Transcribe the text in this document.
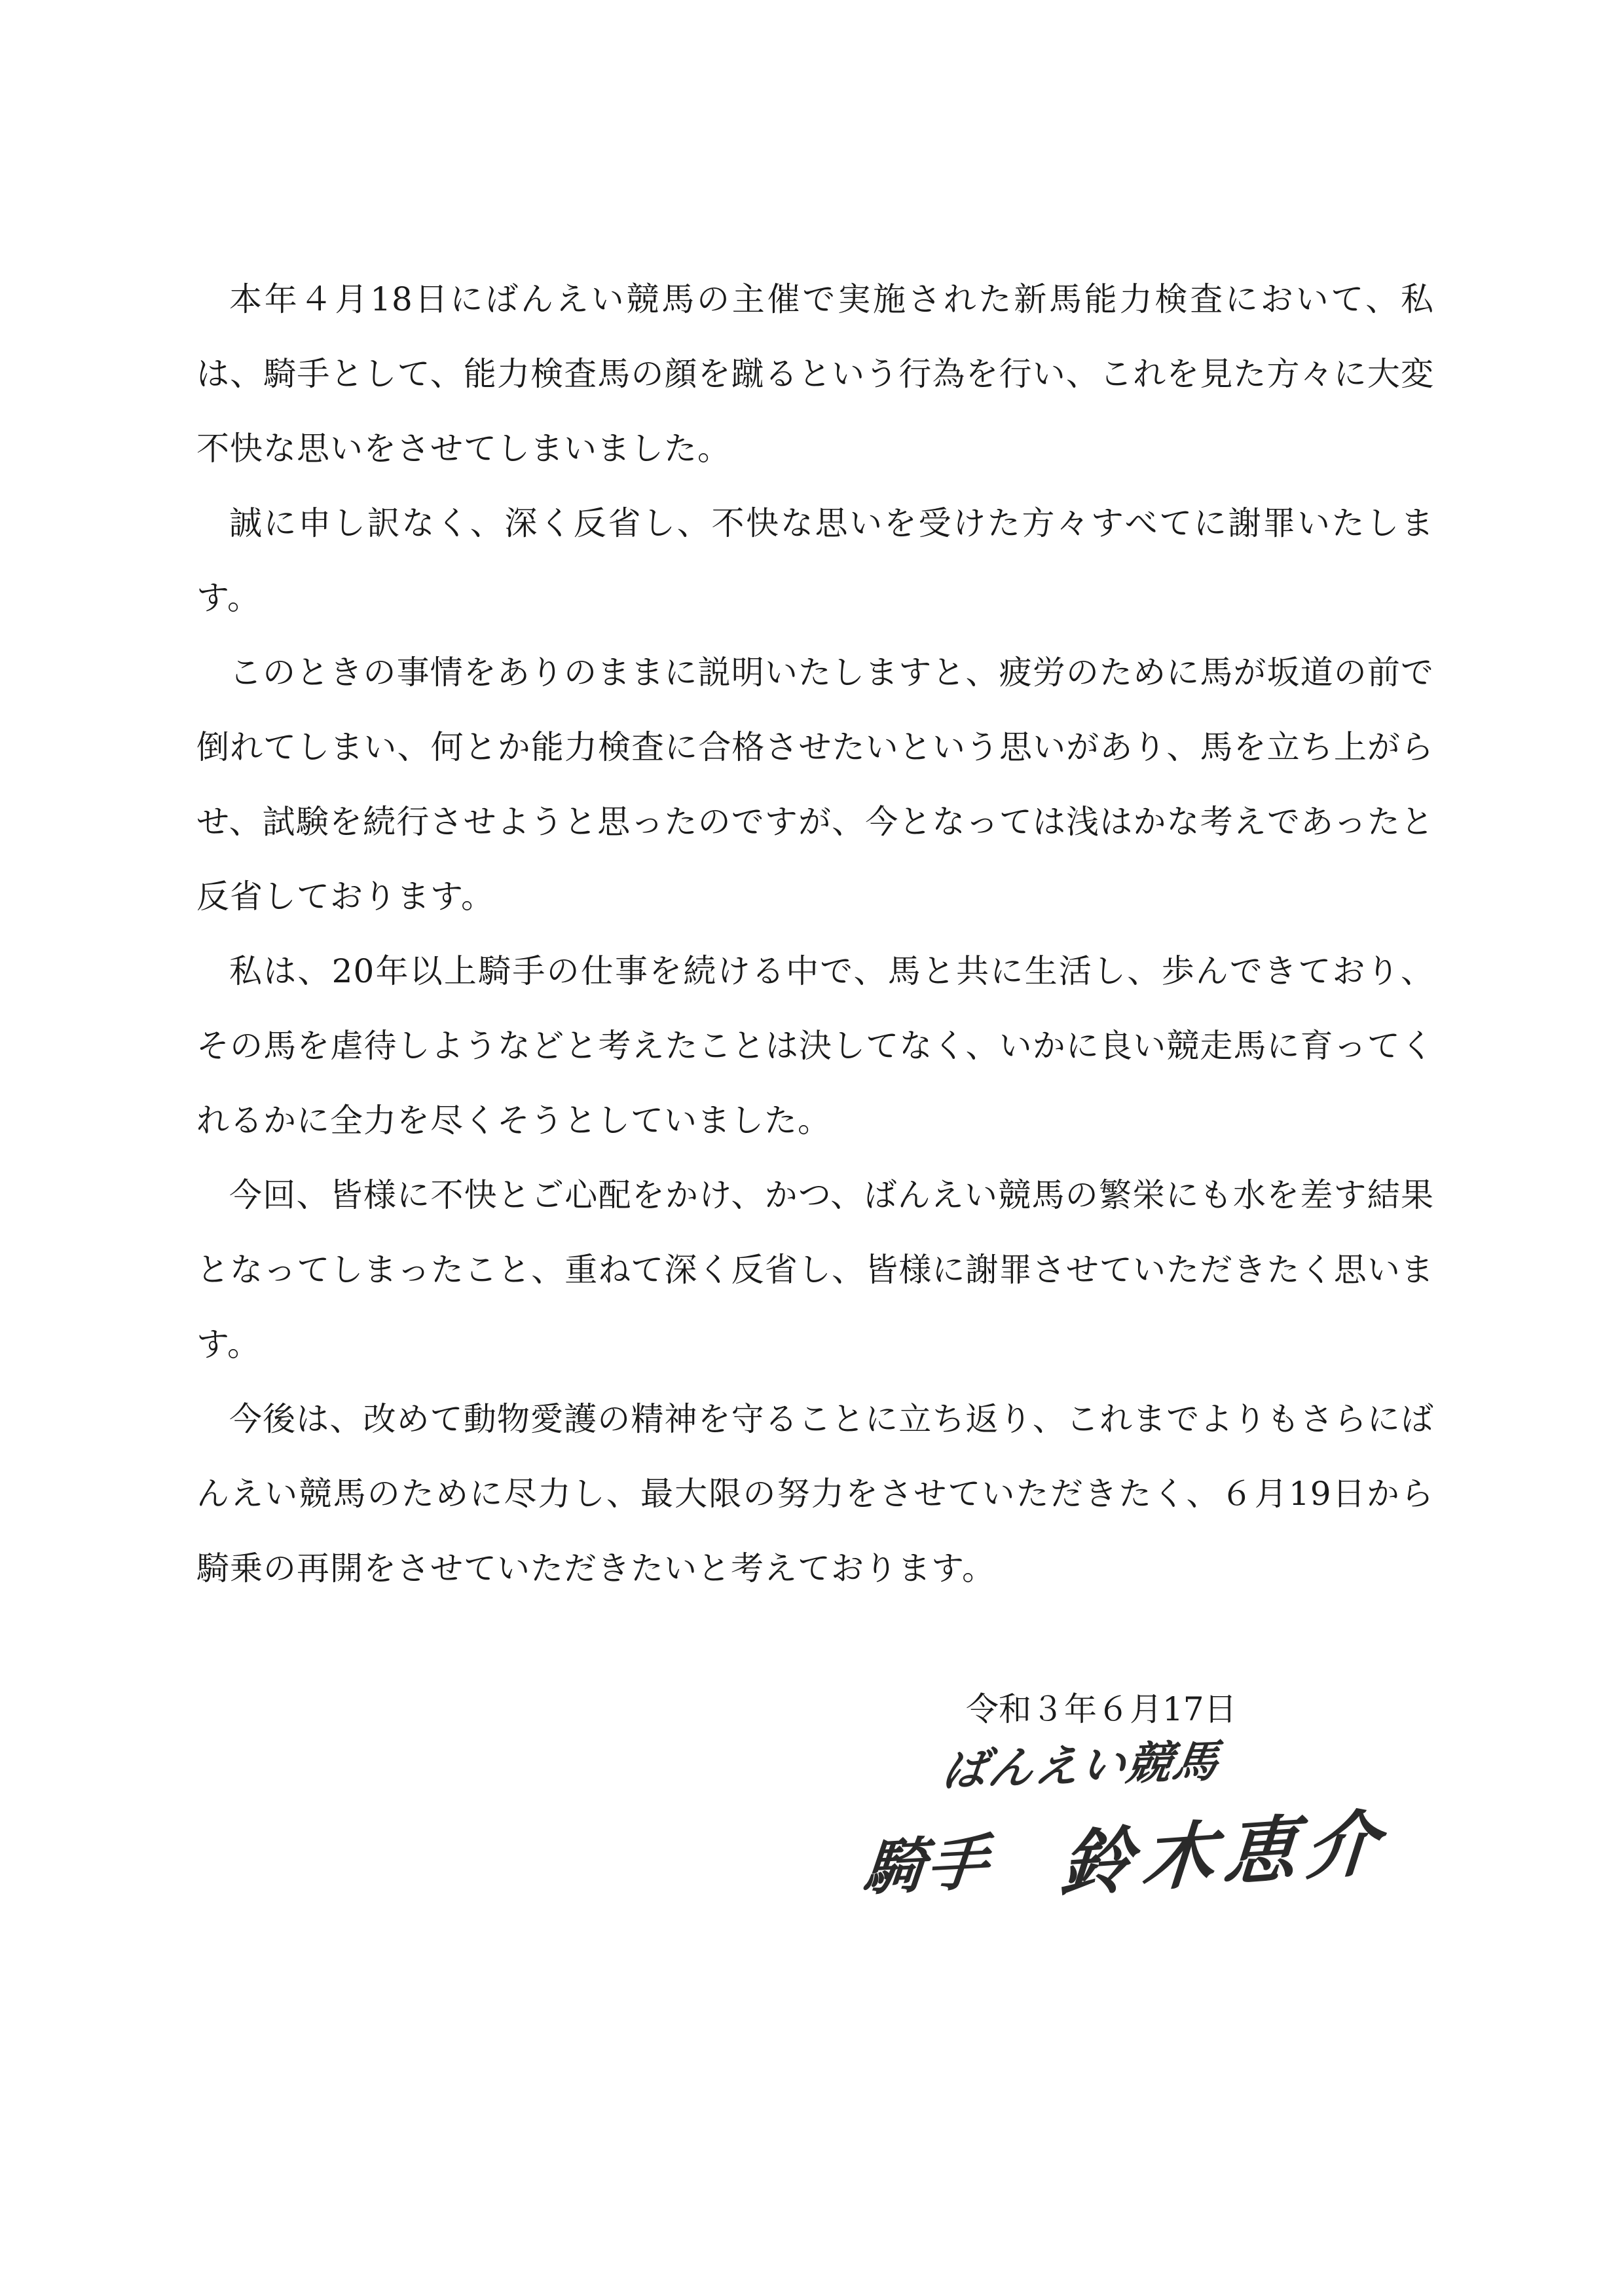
本年４月18日にばんえい競馬の主催で実施された新馬能力検査において、私は、騎手として、能力検査馬の顔を蹴るという行為を行い、これを見た方々に大変不快な思いをさせてしまいました。

誠に申し訳なく、深く反省し、不快な思いを受けた方々すべてに謝罪いたします。

このときの事情をありのままに説明いたしますと、疲労のために馬が坂道の前で倒れてしまい、何とか能力検査に合格させたいという思いがあり、馬を立ち上がらせ、試験を続行させようと思ったのですが、今となっては浅はかな考えであったと反省しております。

私は、20年以上騎手の仕事を続ける中で、馬と共に生活し、歩んできており、その馬を虐待しようなどと考えたことは決してなく、いかに良い競走馬に育ってくれるかに全力を尽くそうとしていました。

今回、皆様に不快とご心配をかけ、かつ、ばんえい競馬の繁栄にも水を差す結果となってしまったこと、重ねて深く反省し、皆様に謝罪させていただきたく思います。

今後は、改めて動物愛護の精神を守ることに立ち返り、これまでよりもさらにばんえい競馬のために尽力し、最大限の努力をさせていただきたく、６月19日から騎乗の再開をさせていただきたいと考えております。

令和３年６月17日
ばんえい競馬
騎手 鈴木恵介
